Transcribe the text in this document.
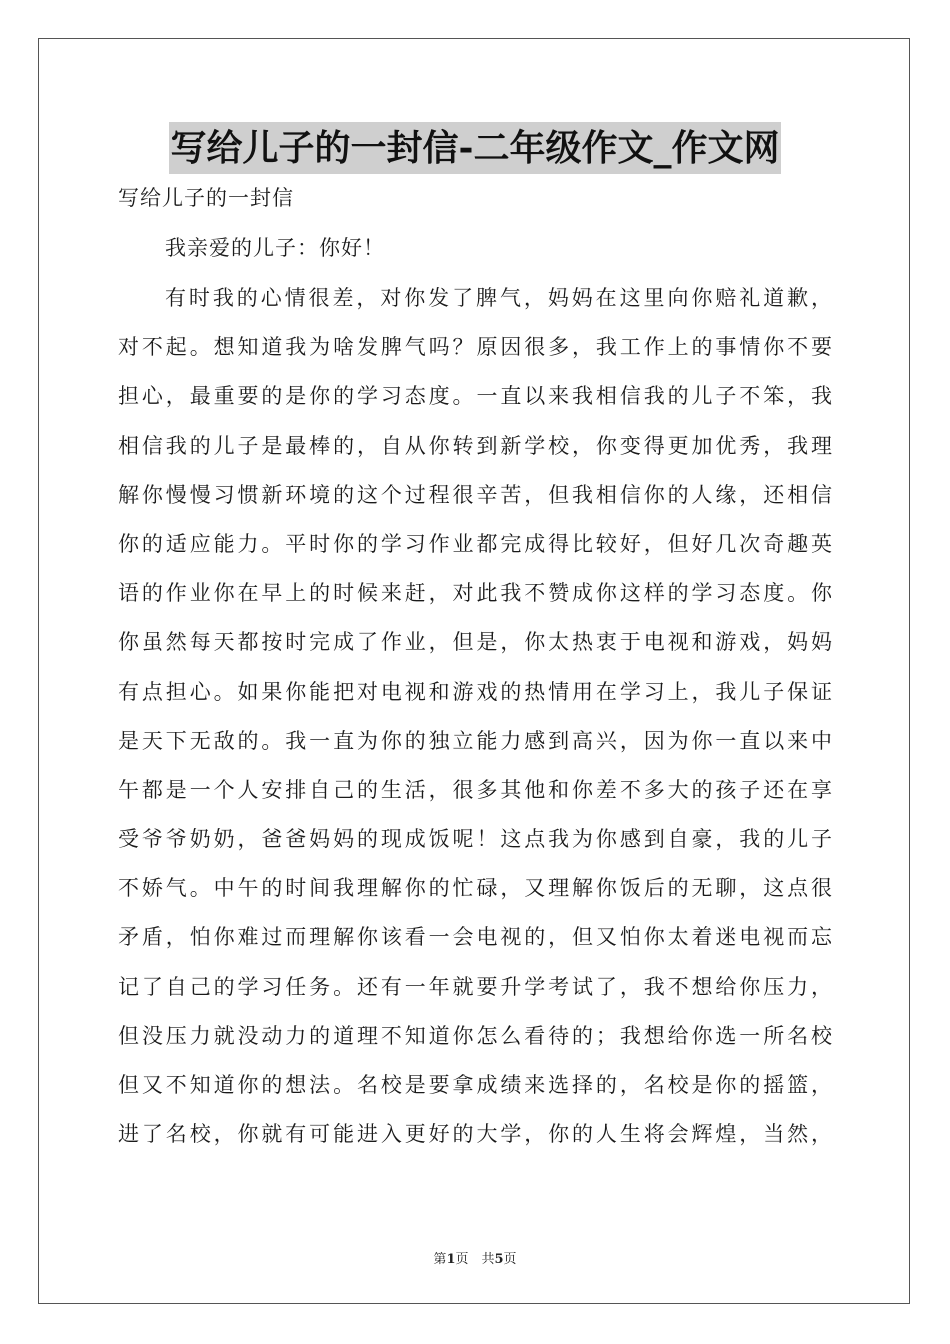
写给儿子的一封信-二年级作文_作文网
写给儿子的一封信
我亲爱的儿子：你好！
有时我的心情很差，对你发了脾气，妈妈在这里向你赔礼道歉，
对不起。想知道我为啥发脾气吗？原因很多，我工作上的事情你不要
担心，最重要的是你的学习态度。一直以来我相信我的儿子不笨，我
相信我的儿子是最棒的，自从你转到新学校，你变得更加优秀，我理
解你慢慢习惯新环境的这个过程很辛苦，但我相信你的人缘，还相信
你的适应能力。平时你的学习作业都完成得比较好，但好几次奇趣英
语的作业你在早上的时候来赶，对此我不赞成你这样的学习态度。你
你虽然每天都按时完成了作业，但是，你太热衷于电视和游戏，妈妈
有点担心。如果你能把对电视和游戏的热情用在学习上，我儿子保证
是天下无敌的。我一直为你的独立能力感到高兴，因为你一直以来中
午都是一个人安排自己的生活，很多其他和你差不多大的孩子还在享
受爷爷奶奶，爸爸妈妈的现成饭呢！这点我为你感到自豪，我的儿子
不娇气。中午的时间我理解你的忙碌，又理解你饭后的无聊，这点很
矛盾，怕你难过而理解你该看一会电视的，但又怕你太着迷电视而忘
记了自己的学习任务。还有一年就要升学考试了，我不想给你压力，
但没压力就没动力的道理不知道你怎么看待的；我想给你选一所名校
但又不知道你的想法。名校是要拿成绩来选择的，名校是你的摇篮，
进了名校，你就有可能进入更好的大学，你的人生将会辉煌，当然，
第1页　共5页
